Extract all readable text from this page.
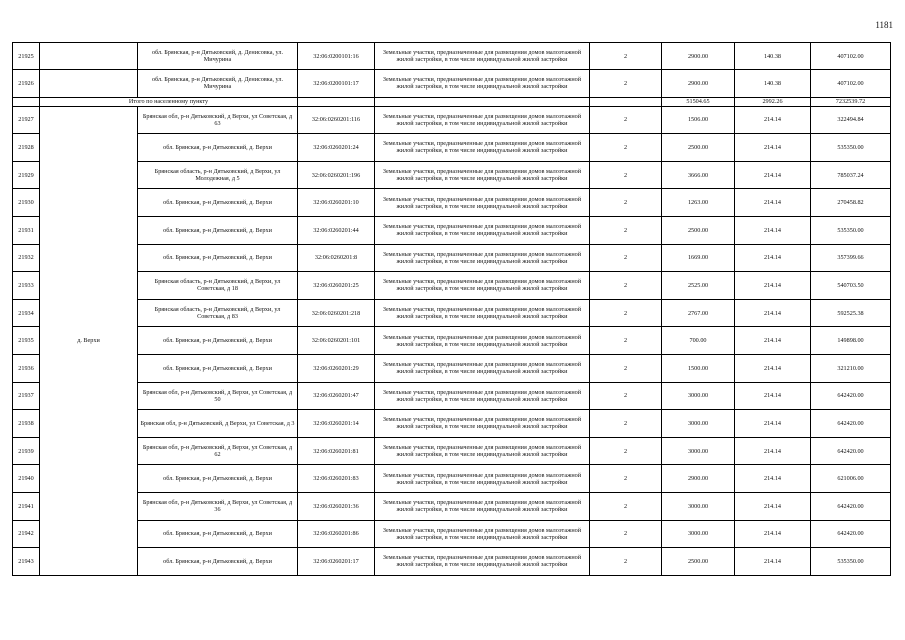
1181
21925		обл. Брянская, р-н Дятьковский, д. Денисовка, ул. Мичурина	32:06:0200101:16	Земельные участки, предназначенные для размещения домов малоэтажной жилой застройки, в том числе индивидуальной жилой застройки	2	2900.00	140.38	407102.00
21926		обл. Брянская, р-н Дятьковский, д. Денисовка, ул. Мичурина	32:06:0200101:17	Земельные участки, предназначенные для размещения домов малоэтажной жилой застройки, в том числе индивидуальной жилой застройки	2	2900.00	140.38	407102.00
	Итого по населенному пункту					51504.65	2992.26	7232539.72
21927	д. Верхи	Брянская обл, р-н Дятьковский, д Верхи, ул Советская, д 63	32:06:0260201:116	Земельные участки, предназначенные для размещения домов малоэтажной жилой застройки, в том числе индивидуальной жилой застройки	2	1506.00	214.14	322494.84
21928		обл. Брянская, р-н Дятьковский, д. Верхи	32:06:0260201:24	Земельные участки, предназначенные для размещения домов малоэтажной жилой застройки, в том числе индивидуальной жилой застройки	2	2500.00	214.14	535350.00
21929		Брянская область, р-н Дятьковский, д Верхи, ул Молодежная, д 5	32:06:0260201:196	Земельные участки, предназначенные для размещения домов малоэтажной жилой застройки, в том числе индивидуальной жилой застройки	2	3666.00	214.14	785037.24
21930		обл. Брянская, р-н Дятьковский, д. Верхи	32:06:0260201:10	Земельные участки, предназначенные для размещения домов малоэтажной жилой застройки, в том числе индивидуальной жилой застройки	2	1263.00	214.14	270458.82
21931		обл. Брянская, р-н Дятьковский, д. Верхи	32:06:0260201:44	Земельные участки, предназначенные для размещения домов малоэтажной жилой застройки, в том числе индивидуальной жилой застройки	2	2500.00	214.14	535350.00
21932		обл. Брянская, р-н Дятьковский, д. Верхи	32:06:0260201:8	Земельные участки, предназначенные для размещения домов малоэтажной жилой застройки, в том числе индивидуальной жилой застройки	2	1669.00	214.14	357399.66
21933		Брянская область, р-н Дятьковский, д Верхи, ул Советская, д 18	32:06:0260201:25	Земельные участки, предназначенные для размещения домов малоэтажной жилой застройки, в том числе индивидуальной жилой застройки	2	2525.00	214.14	540703.50
21934		Брянская область, р-н Дятьковский, д Верхи, ул Советская, д 83	32:06:0260201:218	Земельные участки, предназначенные для размещения домов малоэтажной жилой застройки, в том числе индивидуальной жилой застройки	2	2767.00	214.14	592525.38
21935		обл. Брянская, р-н Дятьковский, д. Верхи	32:06:0260201:101	Земельные участки, предназначенные для размещения домов малоэтажной жилой застройки, в том числе индивидуальной жилой застройки	2	700.00	214.14	149898.00
21936		обл. Брянская, р-н Дятьковский, д. Верхи	32:06:0260201:29	Земельные участки, предназначенные для размещения домов малоэтажной жилой застройки, в том числе индивидуальной жилой застройки	2	1500.00	214.14	321210.00
21937		Брянская обл, р-н Дятьковский, д Верхи, ул Советская, д 50	32:06:0260201:47	Земельные участки, предназначенные для размещения домов малоэтажной жилой застройки, в том числе индивидуальной жилой застройки	2	3000.00	214.14	642420.00
21938		Брянская обл, р-н Дятьковский, д Верхи, ул Советская, д 3	32:06:0260201:14	Земельные участки, предназначенные для размещения домов малоэтажной жилой застройки, в том числе индивидуальной жилой застройки	2	3000.00	214.14	642420.00
21939		Брянская обл, р-н Дятьковский, д Верхи, ул Советская, д 62	32:06:0260201:81	Земельные участки, предназначенные для размещения домов малоэтажной жилой застройки, в том числе индивидуальной жилой застройки	2	3000.00	214.14	642420.00
21940		обл. Брянская, р-н Дятьковский, д. Верхи	32:06:0260201:83	Земельные участки, предназначенные для размещения домов малоэтажной жилой застройки, в том числе индивидуальной жилой застройки	2	2900.00	214.14	621006.00
21941		Брянская обл, р-н Дятьковский, д Верхи, ул Советская, д 36	32:06:0260201:36	Земельные участки, предназначенные для размещения домов малоэтажной жилой застройки, в том числе индивидуальной жилой застройки	2	3000.00	214.14	642420.00
21942		обл. Брянская, р-н Дятьковский, д. Верхи	32:06:0260201:86	Земельные участки, предназначенные для размещения домов малоэтажной жилой застройки, в том числе индивидуальной жилой застройки	2	3000.00	214.14	642420.00
21943		обл. Брянская, р-н Дятьковский, д. Верхи	32:06:0260201:17	Земельные участки, предназначенные для размещения домов малоэтажной жилой застройки, в том числе индивидуальной жилой застройки	2	2500.00	214.14	535350.00
